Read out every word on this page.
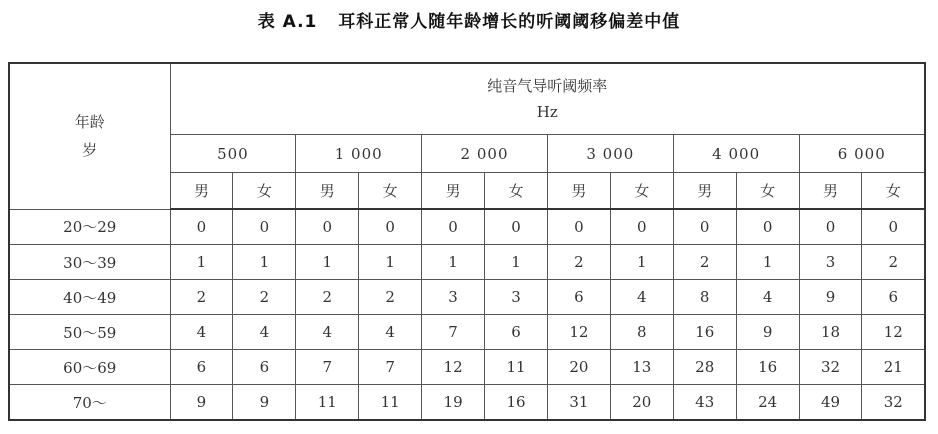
表 A.1 耳科正常人随年龄增长的听阈阈移偏差中值
年龄
岁	纯音气导听阈频率
Hz											

	500		1 000		2 000		3 000		4 000		6 000	
	男	女	男	女	男	女	男	女	男	女	男	女
20～29	0	0	0	0	0	0	0	0	0	0	0	0
30～39	1	1	1	1	1	1	2	1	2	1	3	2
40～49	2	2	2	2	3	3	6	4	8	4	9	6
50～59	4	4	4	4	7	6	12	8	16	9	18	12
60～69	6	6	7	7	12	11	20	13	28	16	32	21
70～	9	9	11	11	19	16	31	20	43	24	49	32
